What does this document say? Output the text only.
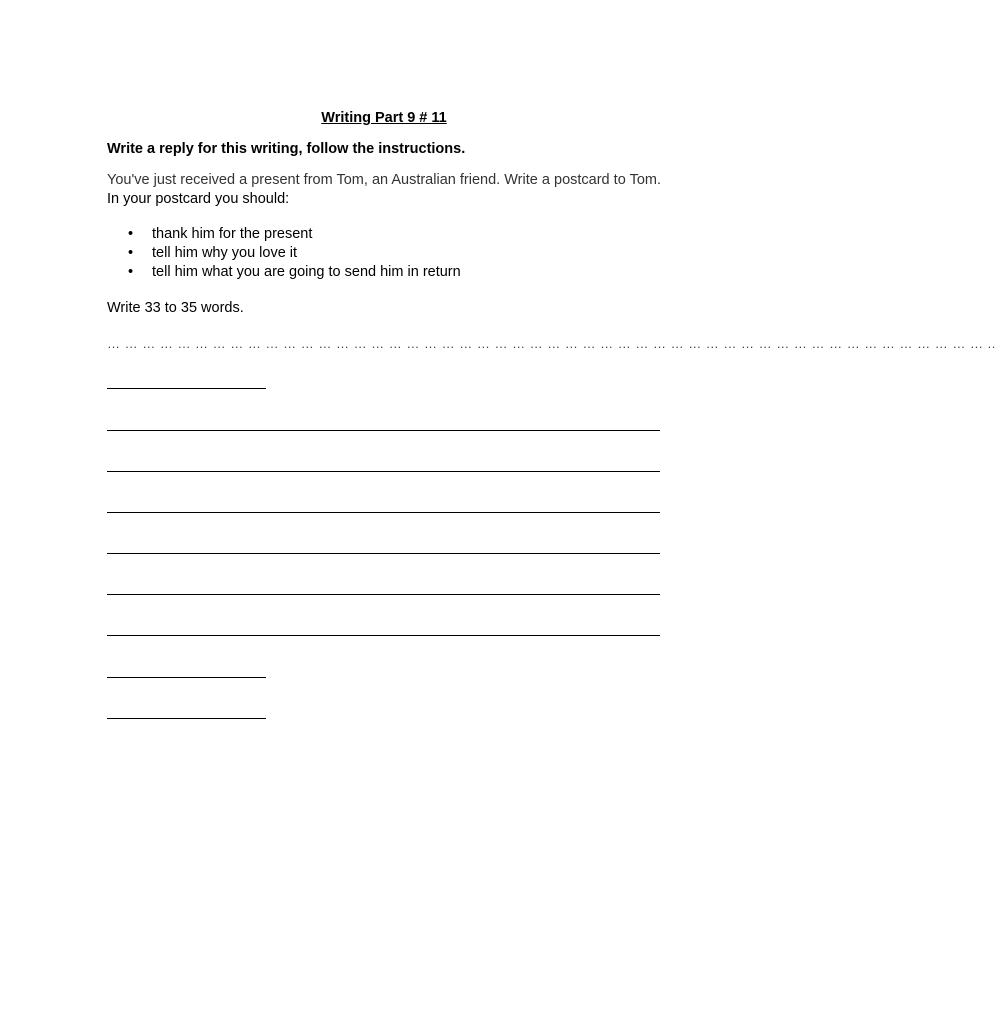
Writing Part 9 # 11
Write a reply for this writing, follow the instructions.
You've just received a present from Tom, an Australian friend. Write a postcard to Tom. In your postcard you should:
• thank him for the present
• tell him why you love it
• tell him what you are going to send him in return
Write 33 to 35 words.
… … … … … … … … … … … … … … … … … … … … … … … … … … … … … … … … … … … … … … … … … … … … … … … … … … ..
